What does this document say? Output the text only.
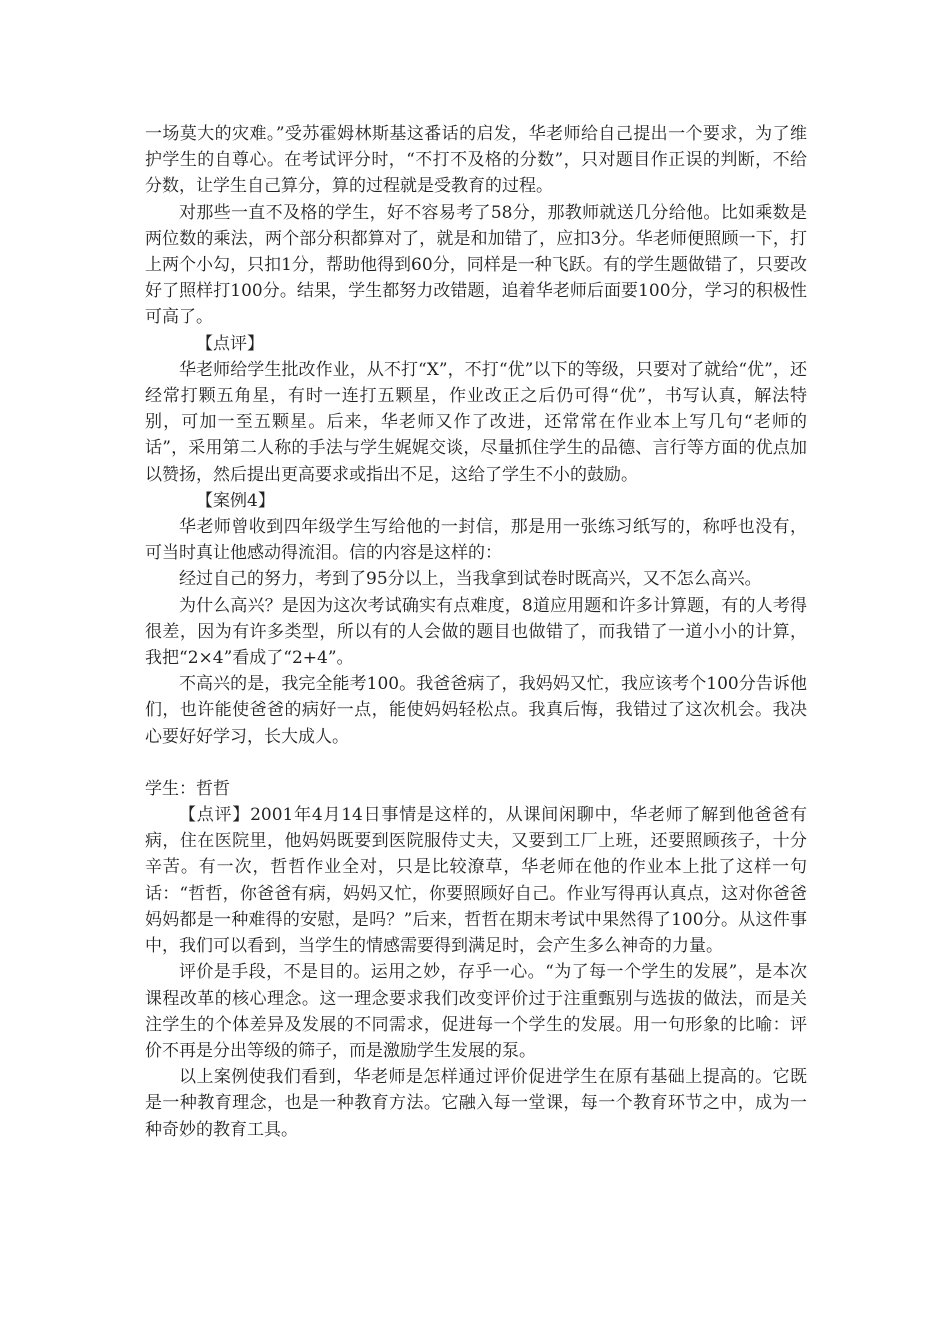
一场莫大的灾难。”受苏霍姆林斯基这番话的启发，华老师给自己提出一个要求，为了维护学生的自尊心。在考试评分时，“不打不及格的分数”，只对题目作正误的判断，不给分数，让学生自己算分，算的过程就是受教育的过程。

对那些一直不及格的学生，好不容易考了58分，那教师就送几分给他。比如乘数是两位数的乘法，两个部分积都算对了，就是和加错了，应扣3分。华老师便照顾一下，打上两个小勾，只扣1分，帮助他得到60分，同样是一种飞跃。有的学生题做错了，只要改好了照样打100分。结果，学生都努力改错题，追着华老师后面要100分，学习的积极性可高了。

【点评】

华老师给学生批改作业，从不打“X”，不打“优”以下的等级，只要对了就给“优”，还经常打颗五角星，有时一连打五颗星，作业改正之后仍可得“优”，书写认真，解法特别，可加一至五颗星。后来，华老师又作了改进，还常常在作业本上写几句“老师的话”，采用第二人称的手法与学生娓娓交谈，尽量抓住学生的品德、言行等方面的优点加以赞扬，然后提出更高要求或指出不足，这给了学生不小的鼓励。

【案例4】

华老师曾收到四年级学生写给他的一封信，那是用一张练习纸写的，称呼也没有，可当时真让他感动得流泪。信的内容是这样的：

经过自己的努力，考到了95分以上，当我拿到试卷时既高兴，又不怎么高兴。

为什么高兴？是因为这次考试确实有点难度，8道应用题和许多计算题，有的人考得很差，因为有许多类型，所以有的人会做的题目也做错了，而我错了一道小小的计算，我把“2×4”看成了“2+4”。

不高兴的是，我完全能考100。我爸爸病了，我妈妈又忙，我应该考个100分告诉他们，也许能使爸爸的病好一点，能使妈妈轻松点。我真后悔，我错过了这次机会。我决心要好好学习，长大成人。

学生：哲哲

【点评】2001年4月14日事情是这样的，从课间闲聊中，华老师了解到他爸爸有病，住在医院里，他妈妈既要到医院服侍丈夫，又要到工厂上班，还要照顾孩子，十分辛苦。有一次，哲哲作业全对，只是比较潦草，华老师在他的作业本上批了这样一句话：“哲哲，你爸爸有病，妈妈又忙，你要照顾好自己。作业写得再认真点，这对你爸爸妈妈都是一种难得的安慰，是吗？”后来，哲哲在期末考试中果然得了100分。从这件事中，我们可以看到，当学生的情感需要得到满足时，会产生多么神奇的力量。

评价是手段，不是目的。运用之妙，存乎一心。“为了每一个学生的发展”，是本次课程改革的核心理念。这一理念要求我们改变评价过于注重甄别与选拔的做法，而是关注学生的个体差异及发展的不同需求，促进每一个学生的发展。用一句形象的比喻：评价不再是分出等级的筛子，而是激励学生发展的泵。

以上案例使我们看到，华老师是怎样通过评价促进学生在原有基础上提高的。它既是一种教育理念，也是一种教育方法。它融入每一堂课，每一个教育环节之中，成为一种奇妙的教育工具。
